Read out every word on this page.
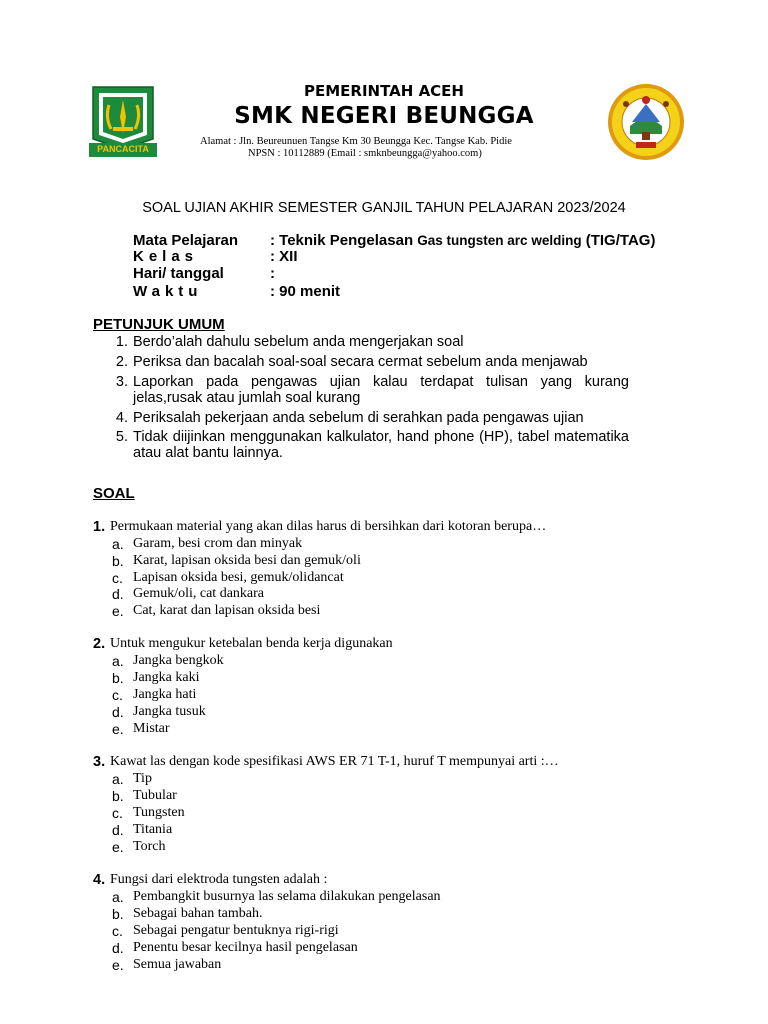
PANCACITA
PEMERINTAH ACEH
SMK NEGERI BEUNGGA
Alamat : Jln. Beureunuen Tangse Km 30 Beungga Kec. Tangse Kab. Pidie
NPSN : 10112889 (Email : smknbeungga@yahoo.com)
SOAL UJIAN AKHIR SEMESTER GANJIL TAHUN PELAJARAN 2023/2024
Mata Pelajaran : Teknik Pengelasan Gas tungsten arc welding (TIG/TAG)
Kelas	: XII
Hari/ tanggal	:
Waktu	: 90 menit
PETUNJUK UMUM
1. Berdo’alah dahulu sebelum anda mengerjakan soal
2. Periksa dan bacalah soal-soal secara cermat sebelum anda menjawab
3. Laporkan pada pengawas ujian kalau terdapat tulisan yang kurang jelas,rusak atau jumlah soal kurang
4. Periksalah pekerjaan anda sebelum di serahkan pada pengawas ujian
5. Tidak diijinkan menggunakan kalkulator, hand phone (HP), tabel matematika atau alat bantu lainnya.
SOAL
1. Permukaan material yang akan dilas harus di bersihkan dari kotoran berupa…
a. Garam, besi crom dan minyak
b. Karat, lapisan oksida besi dan gemuk/oli
c. Lapisan oksida besi, gemuk/olidancat
d. Gemuk/oli, cat dankara
e. Cat, karat dan lapisan oksida besi
2. Untuk mengukur ketebalan benda kerja digunakan
a. Jangka bengkok
b. Jangka kaki
c. Jangka hati
d. Jangka tusuk
e. Mistar
3. Kawat las dengan kode spesifikasi AWS ER 71 T-1, huruf T mempunyai arti :…
a. Tip
b. Tubular
c. Tungsten
d. Titania
e. Torch
4. Fungsi dari elektroda tungsten adalah :
a. Pembangkit busurnya las selama dilakukan pengelasan
b. Sebagai bahan tambah.
c. Sebagai pengatur bentuknya rigi-rigi
d. Penentu besar kecilnya hasil pengelasan
e. Semua jawaban
